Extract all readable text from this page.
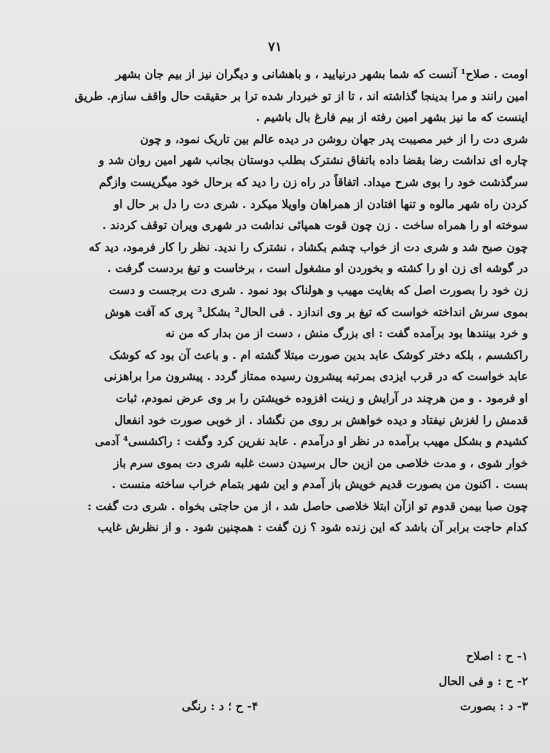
۷۱
اومت . صلاح¹ آنست که شما بشهر درنیایید ، و باهشانی و دیگران نیز از بیم جان بشهر
امین رانند و مرا بدینجا گذاشته اند ، تا از تو خبردار شده ترا بر حقیقت حال واقف سازم. طریق
اینست که ما نیز بشهر امین رفته از بیم فارغ بال باشیم .
شری دت را از خبر مصیبت پدر جهان روشن در دیده عالم بین تاریک نمود، و چون
چاره ای نداشت رضا بقضا داده باتفاق نشترک بطلب دوستان بجانب شهر امین روان شد و
سرگذشت خود را بوی شرح میداد. اتفاقاً در راه زن را دید که برحال خود میگریست وازگم
کردن راه شهر مالوه و تنها افتادن از همراهان واویلا میکرد . شری دت را دل بر حال او
سوخته او را همراه ساخت . زن چون قوت همپائی نداشت در شهری ویران توقف کردند .
چون صبح شد و شری دت از خواب چشم بکشاد ، نشترک را ندید. نظر را کار فرمود، دید که
در گوشه ای زن او را کشته و بخوردن او مشغول است ، برخاست و تیغ بردست گرفت .
زن خود را بصورت اصل که بغایت مهیب و هولناک بود نمود . شری دت برجست و دست
بموی سرش انداخته خواست که تیغ بر وی اندازد . فی الحال² بشکل³ پری که آفت هوش
و خرد بینندها بود برآمده گفت : ای بزرگ منش ، دست از من بدار که من نه
راکشسم ، بلکه دختر کوشک عابد بدین صورت مبتلا گشته ام . و باعث آن بود که کوشک
عابد خواست که در قرب ایزدی بمرتبه پیشرون رسیده ممتاز گردد . پیشرون مرا براهزنی
او فرمود . و من هرچند در آرایش و زینت افزوده خویشتن را بر وی عرض نمودم، ثبات
قدمش را لغزش نیفتاد و دیده خواهش بر روی من نگشاد . از خوبی صورت خود انفعال
کشیدم و بشکل مهیب برآمده در نظر او درآمدم . عابد نفرین کرد وگفت : راکشسی⁴ آدمی
خوار شوی ، و مدت خلاصی من ازین حال برسیدن دست غلبه شری دت بموی سرم باز
بست . اکنون من بصورت قدیم خویش باز آمدم و این شهر بتمام خراب ساخته منست .
چون صبا بیمن قدوم تو ازآن ابتلا خلاصی حاصل شد ، از من حاجتی بخواه . شری دت گفت :
کدام حاجت برابر آن باشد که این زنده شود ؟ زن گفت : همچنین شود . و از نظرش غایب
۱- ح : اصلاح
۲- ح : و فی الحال
۳- د : بصورت
۴- ح ؛ د : رنگی
